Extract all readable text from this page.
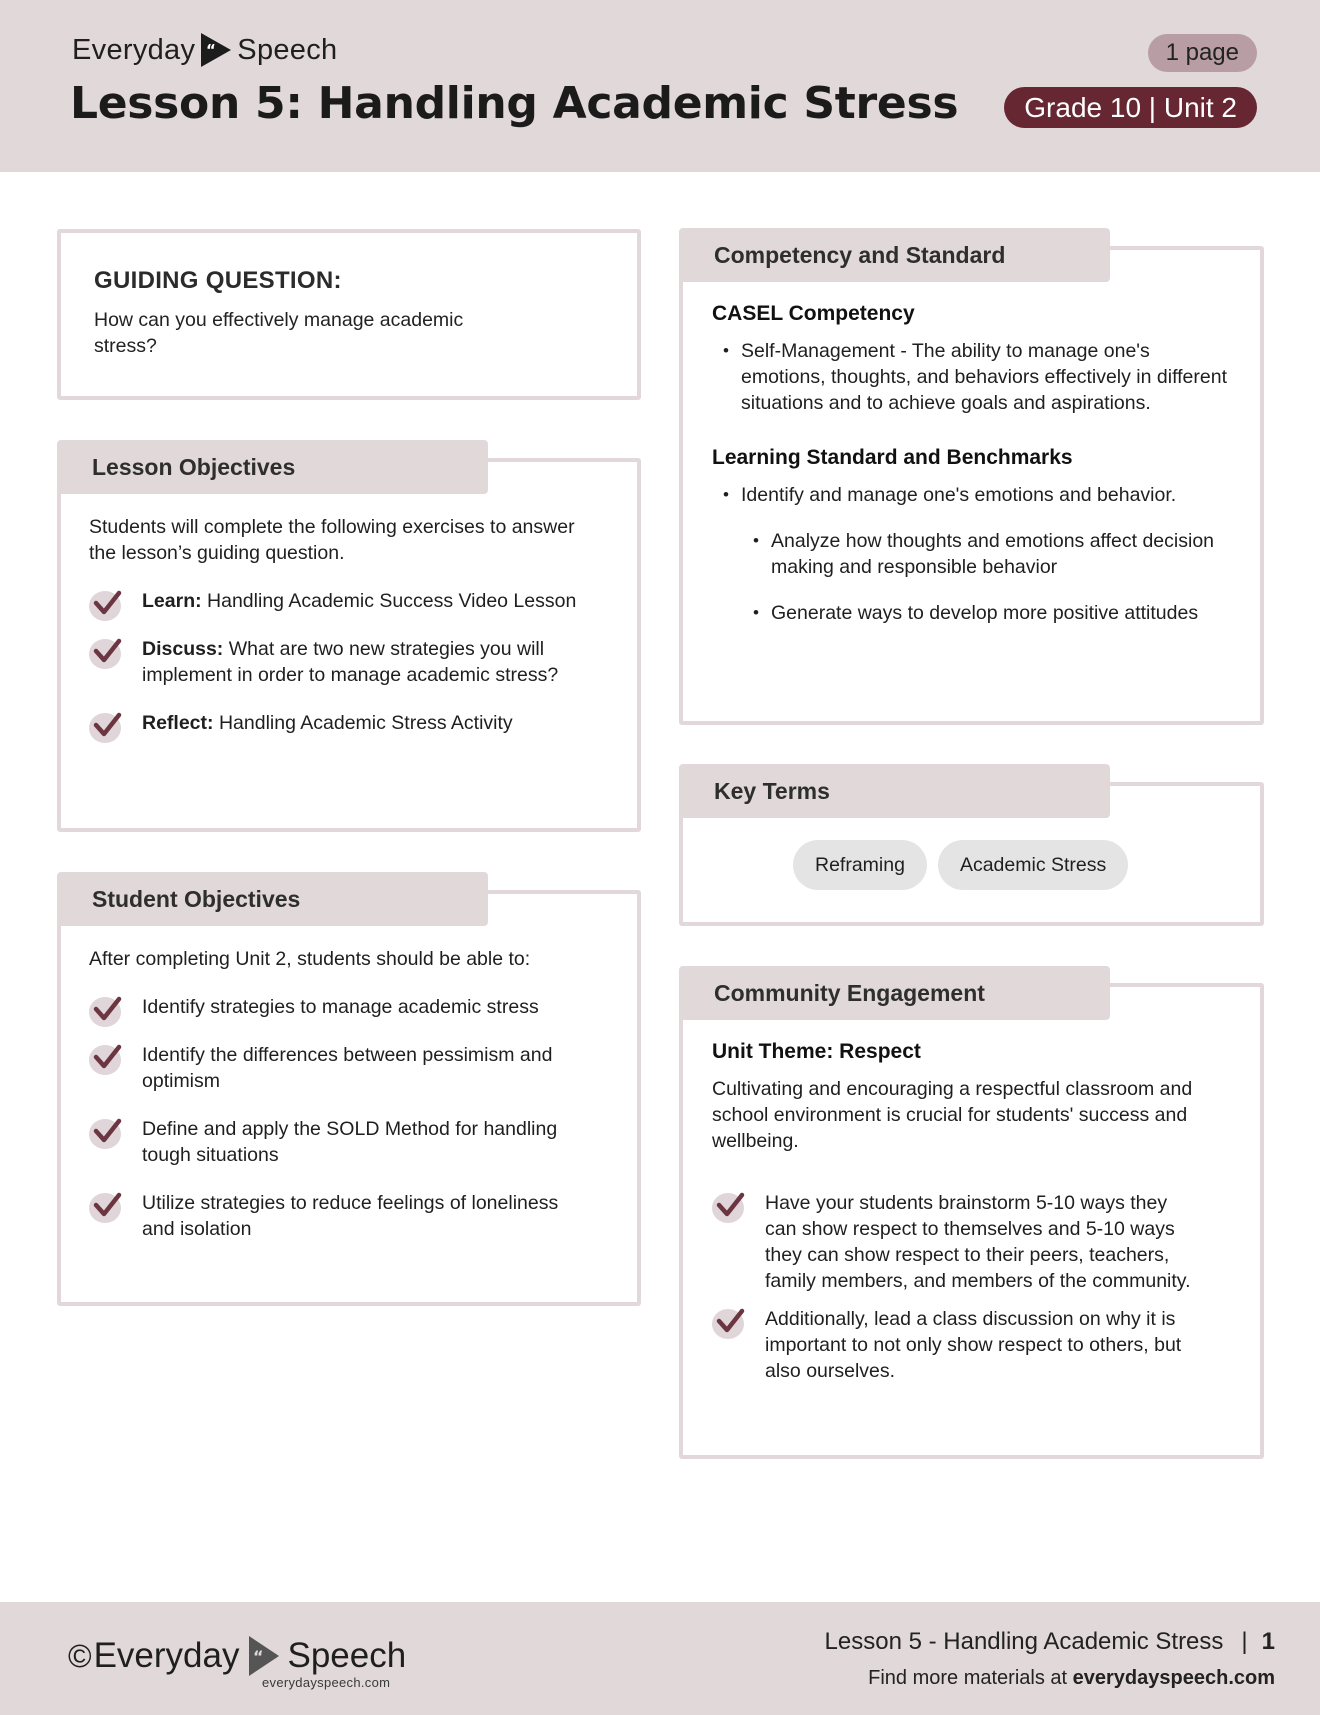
Everyday “ Speech
Lesson 5: Handling Academic Stress
1 page
Grade 10 | Unit 2
GUIDING QUESTION:
How can you effectively manage academic stress?
Lesson Objectives
Students will complete the following exercises to answer the lesson’s guiding question.
Learn: Handling Academic Success Video Lesson
Discuss: What are two new strategies you will implement in order to manage academic stress?
Reflect: Handling Academic Stress Activity
Student Objectives
After completing Unit 2, students should be able to:
Identify strategies to manage academic stress
Identify the differences between pessimism and optimism
Define and apply the SOLD Method for handling tough situations
Utilize strategies to reduce feelings of loneliness and isolation
Competency and Standard
CASEL Competency
• Self-Management - The ability to manage one's emotions, thoughts, and behaviors effectively in different situations and to achieve goals and aspirations.
Learning Standard and Benchmarks
• Identify and manage one's emotions and behavior.
• Analyze how thoughts and emotions affect decision making and responsible behavior
• Generate ways to develop more positive attitudes
Key Terms
Reframing	Academic Stress
Community Engagement
Unit Theme: Respect
Cultivating and encouraging a respectful classroom and school environment is crucial for students' success and wellbeing.
Have your students brainstorm 5-10 ways they can show respect to themselves and 5-10 ways they can show respect to their peers, teachers, family members, and members of the community.
Additionally, lead a class discussion on why it is important to not only show respect to others, but also ourselves.
© Everyday “ Speech
everydayspeech.com
Lesson 5 - Handling Academic Stress | 1
Find more materials at everydayspeech.com
